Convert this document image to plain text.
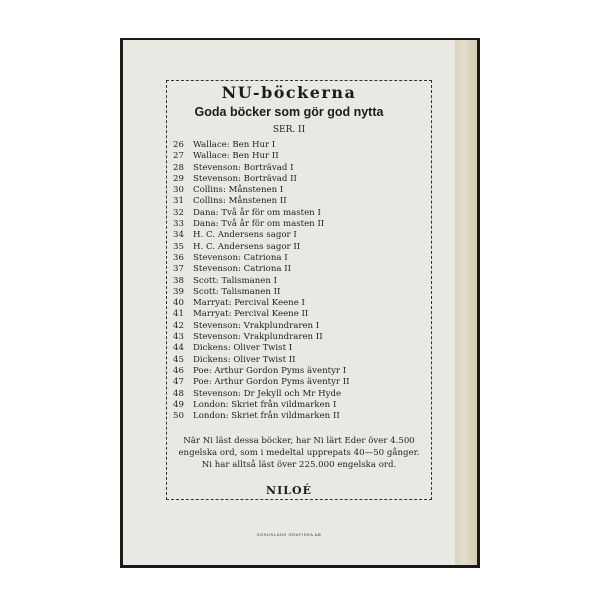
NU-böckerna
Goda böcker som gör god nytta
SER. II
26 Wallace: Ben Hur I
27 Wallace: Ben Hur II
28 Stevenson: Borträvad I
29 Stevenson: Borträvad II
30 Collins: Månstenen I
31 Collins: Månstenen II
32 Dana: Två år för om masten I
33 Dana: Två år för om masten II
34 H. C. Andersens sagor I
35 H. C. Andersens sagor II
36 Stevenson: Catriona I
37 Stevenson: Catriona II
38 Scott: Talismanen I
39 Scott: Talismanen II
40 Marryat: Percival Keene I
41 Marryat: Percival Keene II
42 Stevenson: Vrakplundraren I
43 Stevenson: Vrakplundraren II
44 Dickens: Oliver Twist I
45 Dickens: Oliver Twist II
46 Poe: Arthur Gordon Pyms äventyr I
47 Poe: Arthur Gordon Pyms äventyr II
48 Stevenson: Dr Jekyll och Mr Hyde
49 London: Skriet från vildmarken I
50 London: Skriet från vildmarken II
När Ni läst dessa böcker, har Ni lärt Eder över 4.500 engelska ord, som i medeltal upprepats 40—50 gånger. Ni har alltså läst över 225.000 engelska ord.
NILOÉ
SOHUSLÄNS GRAFISKA AB
